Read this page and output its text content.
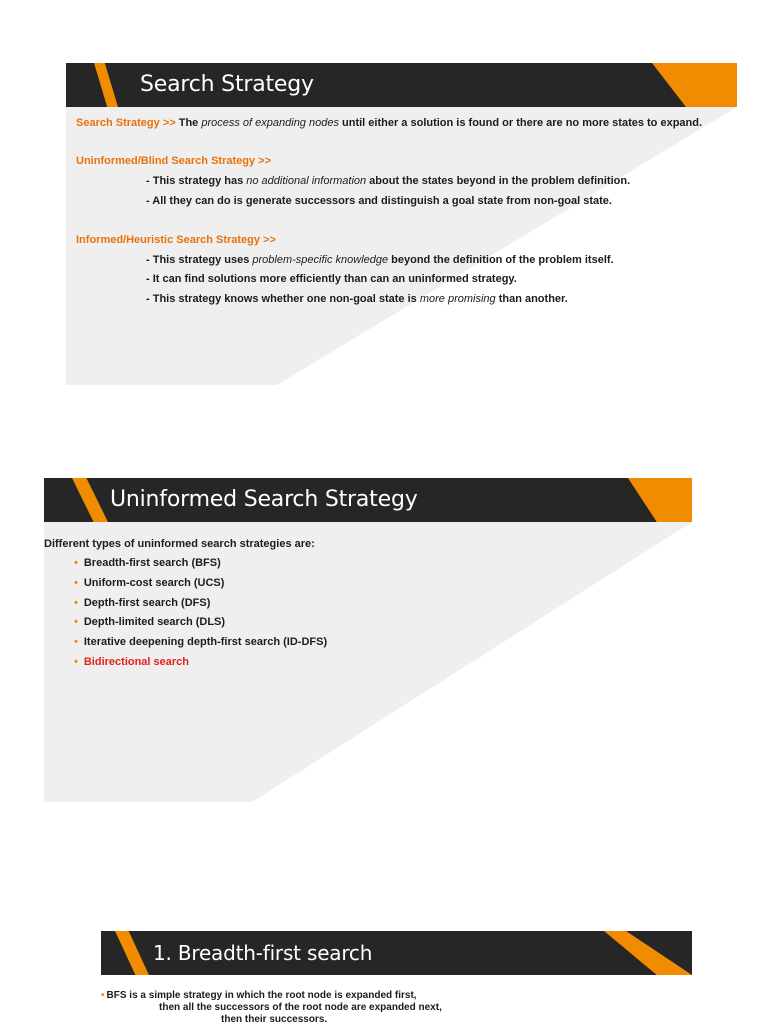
Search Strategy
Search Strategy >> The process of expanding nodes until either a solution is found or there are no more states to expand.
Uninformed/Blind Search Strategy >>
- This strategy has no additional information about the states beyond in the problem definition.
- All they can do is generate successors and distinguish a goal state from non-goal state.
Informed/Heuristic Search Strategy >>
- This strategy uses problem-specific knowledge beyond the definition of the problem itself.
- It can find solutions more efficiently than can an uninformed strategy.
- This strategy knows whether one non-goal state is more promising than another.
Uninformed Search Strategy
Different types of uninformed search strategies are:
• Breadth-first search (BFS)
• Uniform-cost search (UCS)
• Depth-first search (DFS)
• Depth-limited search (DLS)
• Iterative deepening depth-first search (ID-DFS)
• Bidirectional search
1. Breadth-first search
• BFS is a simple strategy in which the root node is expanded first,
then all the successors of the root node are expanded next,
then their successors.
